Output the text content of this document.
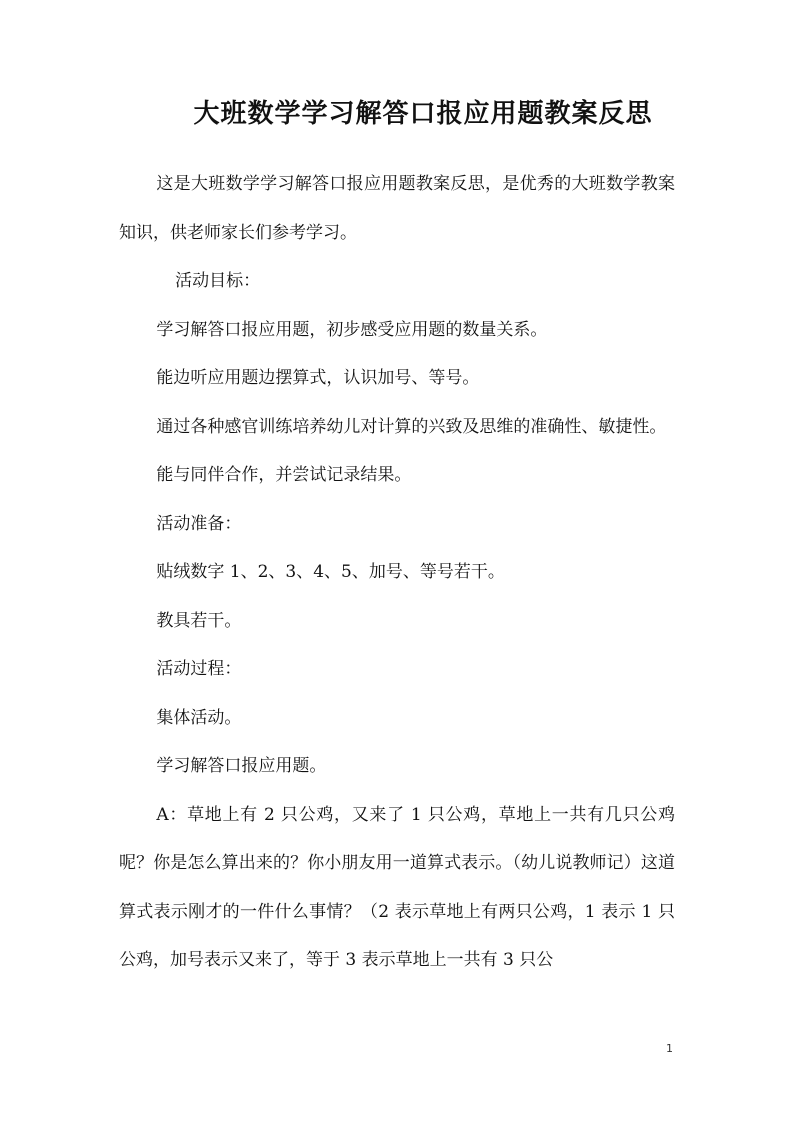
大班数学学习解答口报应用题教案反思

这是大班数学学习解答口报应用题教案反思，是优秀的大班数学教案知识，供老师家长们参考学习。

活动目标：

学习解答口报应用题，初步感受应用题的数量关系。

能边听应用题边摆算式，认识加号、等号。

通过各种感官训练培养幼儿对计算的兴致及思维的准确性、敏捷性。

能与同伴合作，并尝试记录结果。

活动准备：

贴绒数字 1、2、3、4、5、加号、等号若干。

教具若干。

活动过程：

集体活动。

学习解答口报应用题。

A：草地上有 2 只公鸡，又来了 1 只公鸡，草地上一共有几只公鸡呢？你是怎么算出来的？你小朋友用一道算式表示。（幼儿说教师记）这道算式表示刚才的一件什么事情？（2 表示草地上有两只公鸡，1 表示 1 只公鸡，加号表示又来了，等于 3 表示草地上一共有 3 只公

1
